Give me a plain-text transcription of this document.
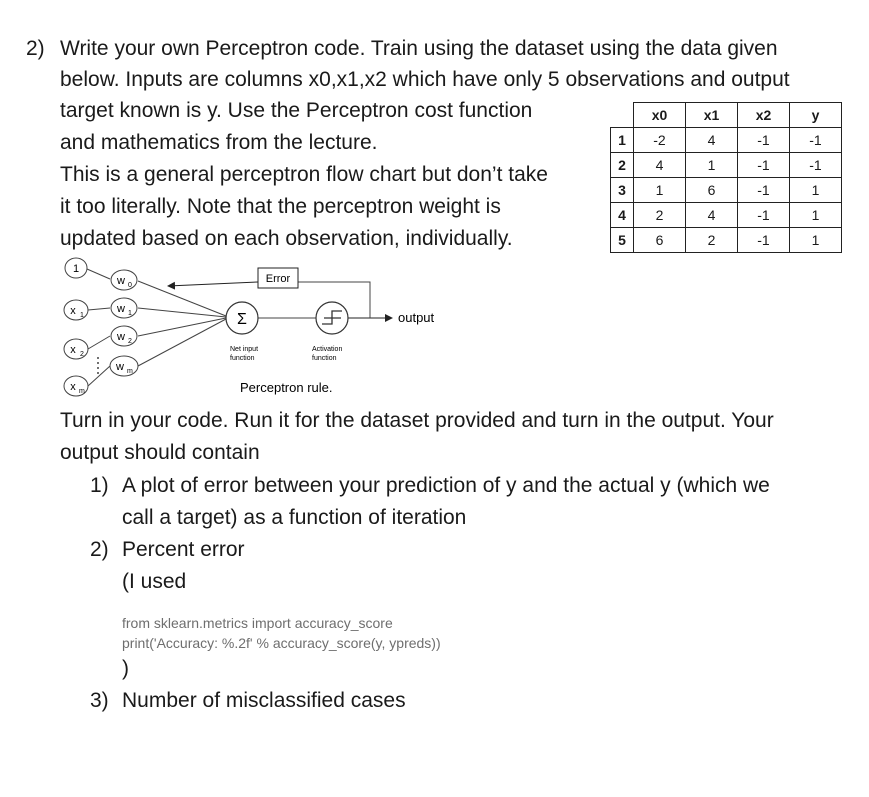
2) Write your own Perceptron code. Train using the dataset using the data given
below. Inputs are columns x0,x1,x2 which have only 5 observations and output
target known is y. Use the Perceptron cost function
and mathematics from the lecture.
This is a general perceptron flow chart but don’t take
it too literally. Note that the perceptron weight is
updated based on each observation, individually.
	x0	x1	x2	y
1	-2	4	-1	-1
2	4	1	-1	-1
3	1	6	-1	1
4	2	4	-1	1
5	6	2	-1	1
Error
1
x 1
x 2
x m
w 0
w 1
w 2
w m
Σ	output
Net input
function
Activation
function
Perceptron rule.
Turn in your code. Run it for the dataset provided and turn in the output. Your
output should contain
1) A plot of error between your prediction of y and the actual y (which we
call a target) as a function of iteration
2) Percent error
(I used
from sklearn.metrics import accuracy_score
print('Accuracy: %.2f' % accuracy_score(y, ypreds))
)
3) Number of misclassified cases
